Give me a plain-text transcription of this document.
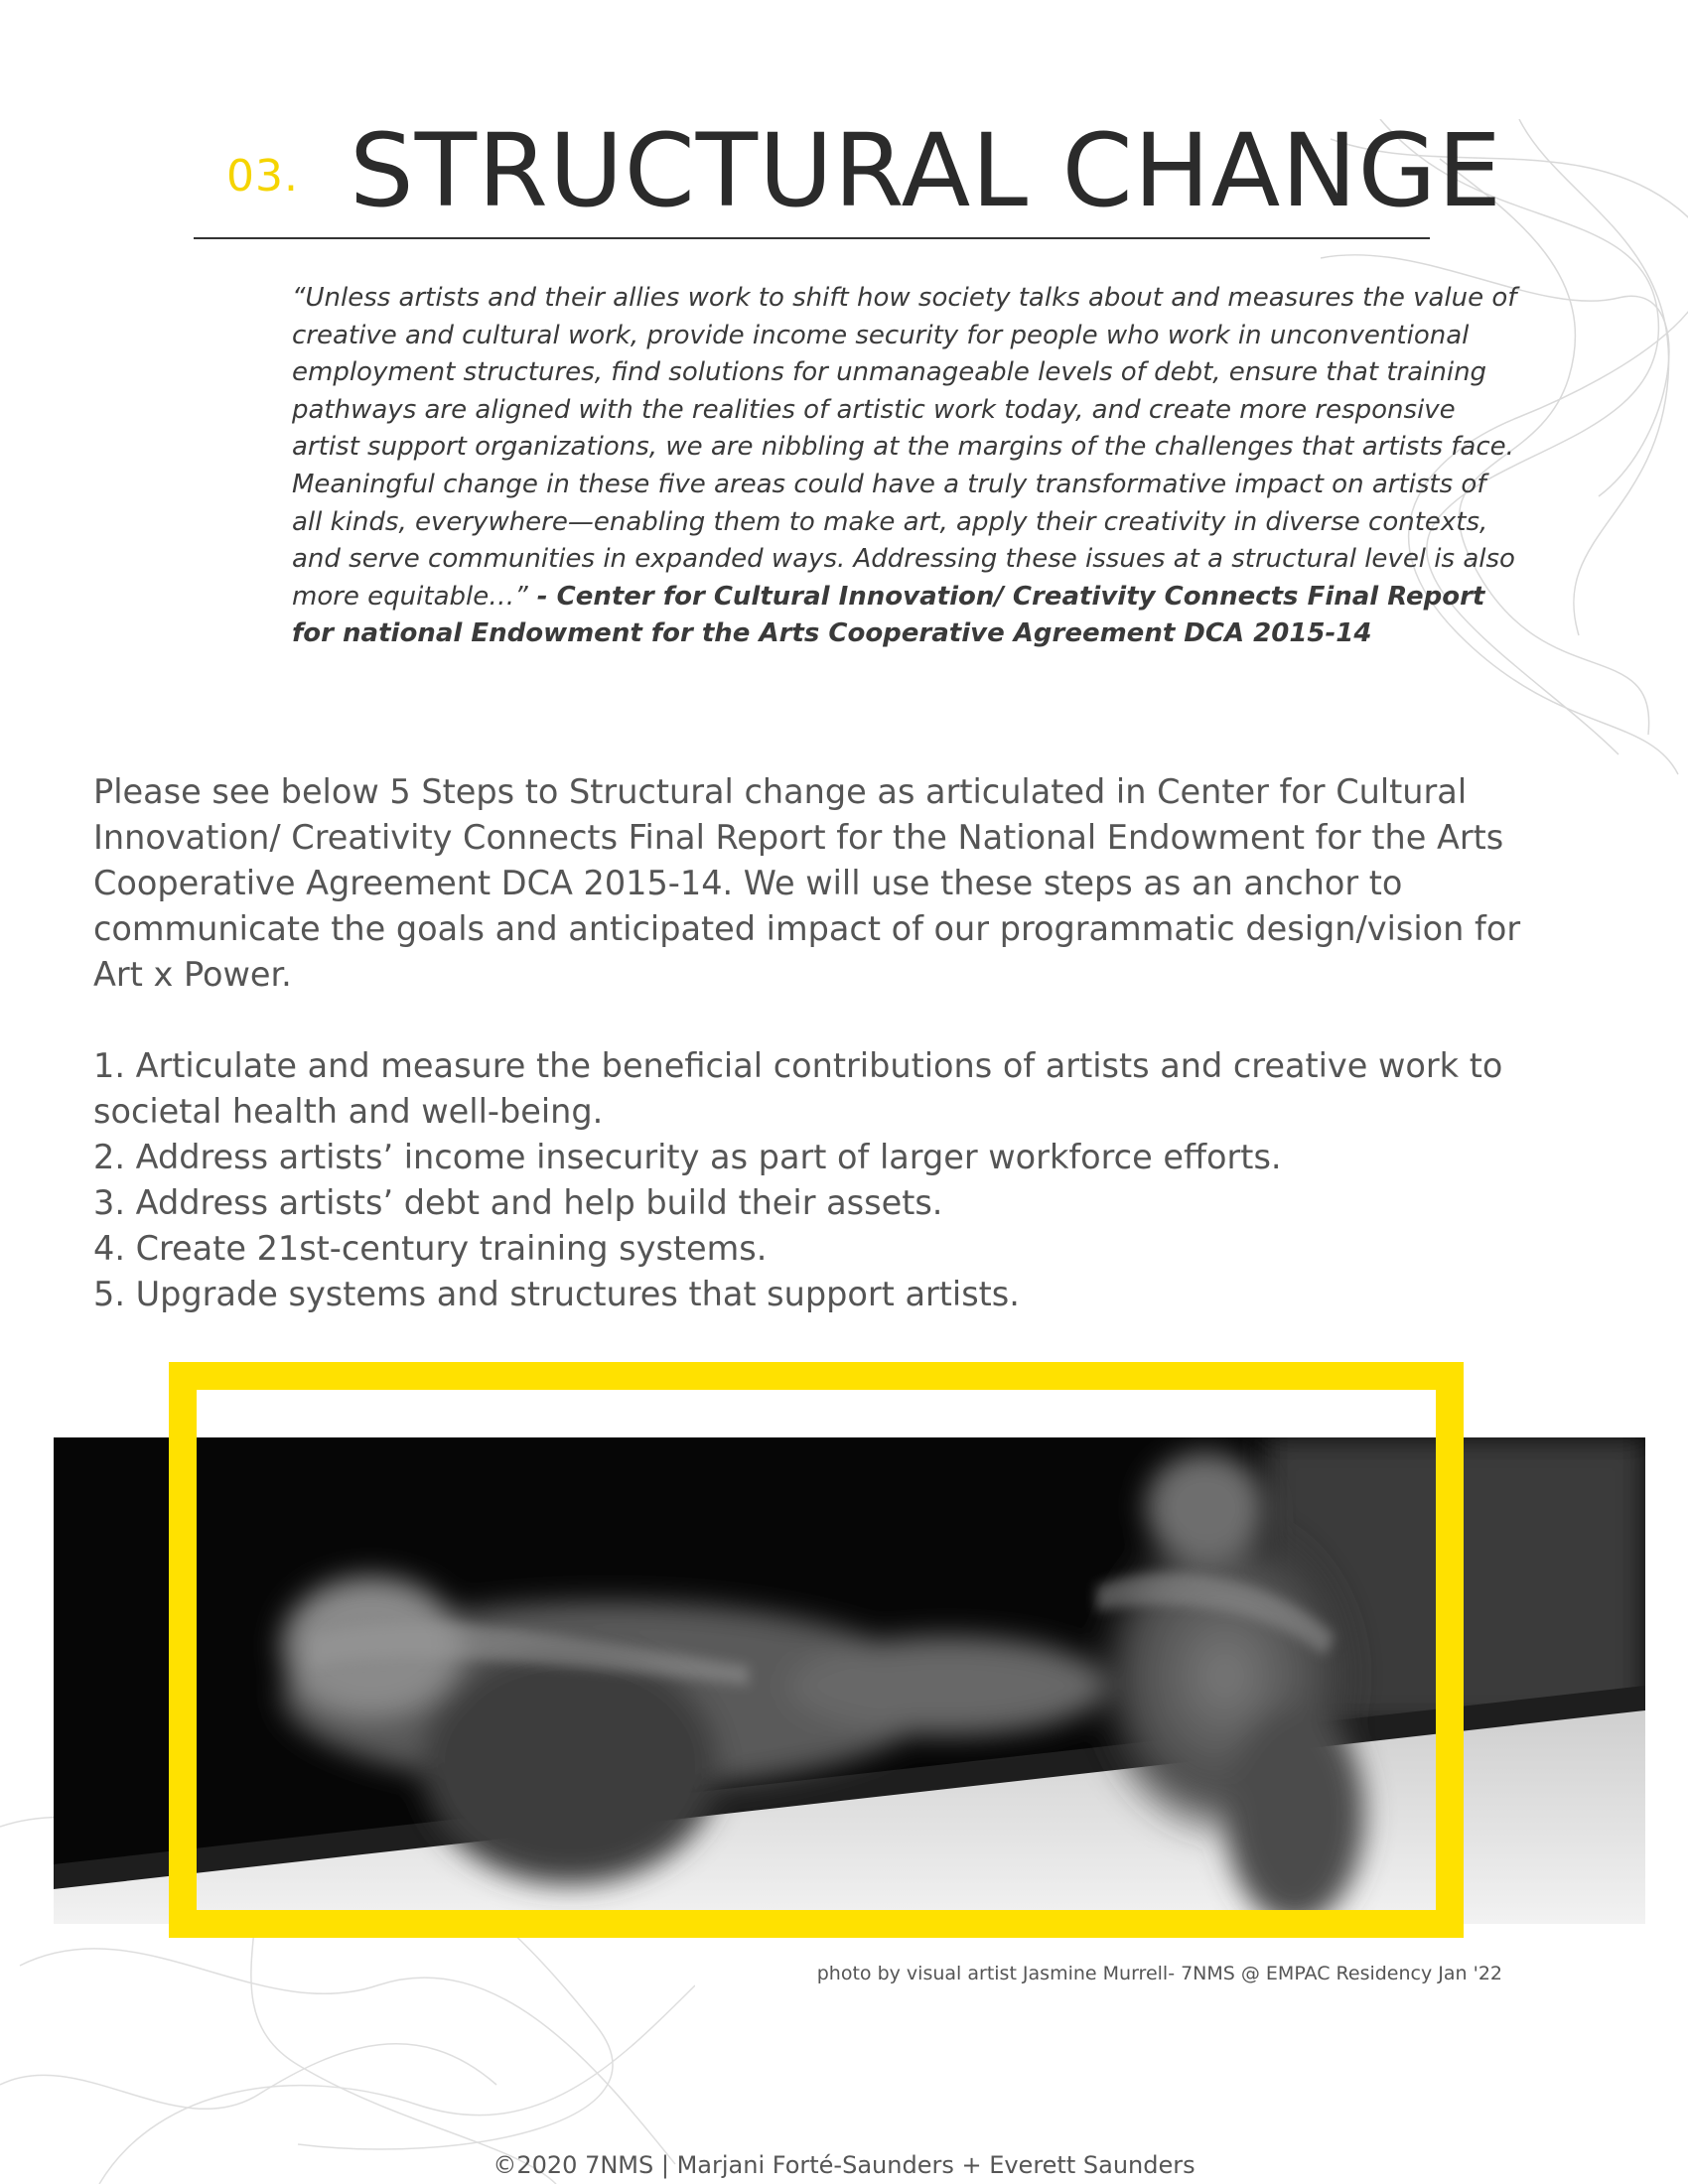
03. STRUCTURAL CHANGE

“Unless artists and their allies work to shift how society talks about and measures the value of creative and cultural work, provide income security for people who work in unconventional employment structures, find solutions for unmanageable levels of debt, ensure that training pathways are aligned with the realities of artistic work today, and create more responsive artist support organizations, we are nibbling at the margins of the challenges that artists face. Meaningful change in these five areas could have a truly transformative impact on artists of all kinds, everywhere—enabling them to make art, apply their creativity in diverse contexts, and serve communities in expanded ways. Addressing these issues at a structural level is also more equitable…” - Center for Cultural Innovation/ Creativity Connects Final Report for national Endowment for the Arts Cooperative Agreement DCA 2015-14

Please see below 5 Steps to Structural change as articulated in Center for Cultural Innovation/ Creativity Connects Final Report for the National Endowment for the Arts Cooperative Agreement DCA 2015-14. We will use these steps as an anchor to communicate the goals and anticipated impact of our programmatic design/vision for Art x Power.

1. Articulate and measure the beneficial contributions of artists and creative work to societal health and well-being.
2. Address artists’ income insecurity as part of larger workforce efforts.
3. Address artists’ debt and help build their assets.
4. Create 21st-century training systems.
5. Upgrade systems and structures that support artists.
photo by visual artist Jasmine Murrell- 7NMS @ EMPAC Residency Jan '22
©2020 7NMS | Marjani Forté-Saunders + Everett Saunders
